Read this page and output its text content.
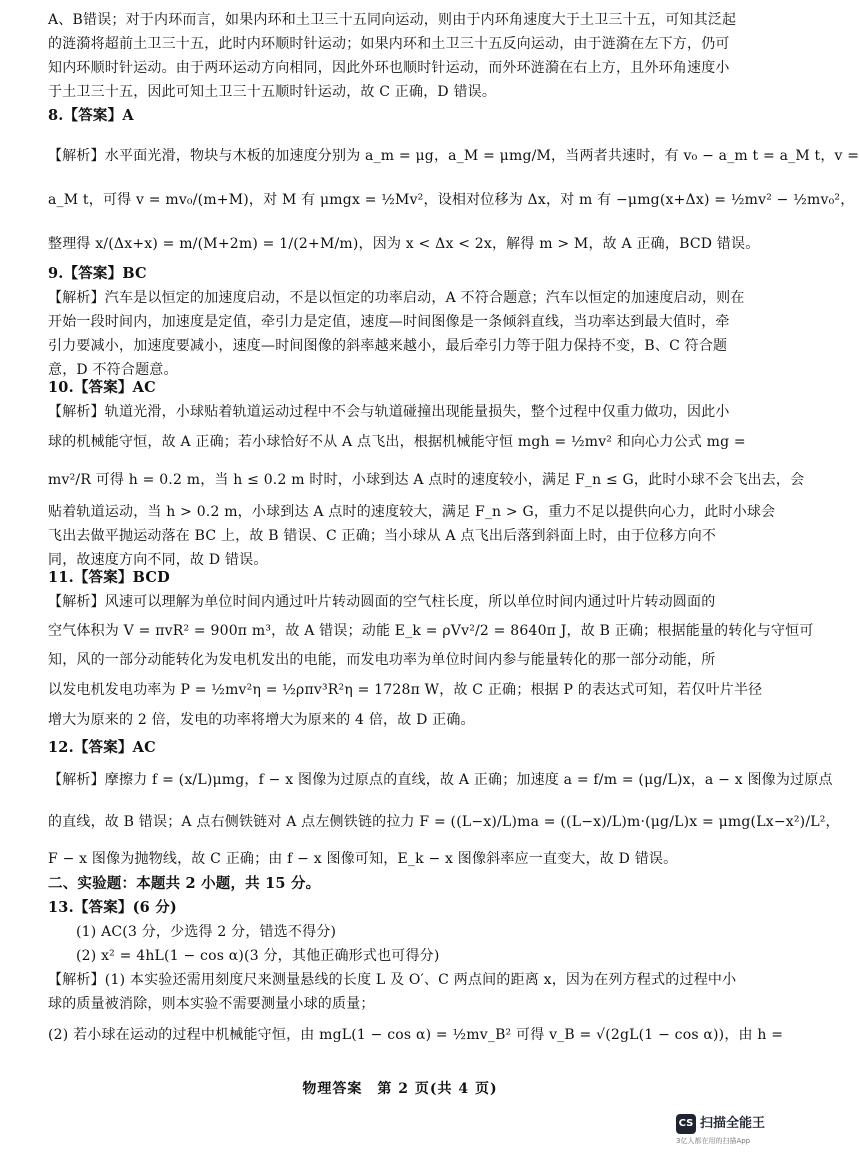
A、B错误；对于内环而言，如果内环和土卫三十五同向运动，则由于内环角速度大于土卫三十五，可知其泛起
的涟漪将超前土卫三十五，此时内环顺时针运动；如果内环和土卫三十五反向运动，由于涟漪在左下方，仍可
知内环顺时针运动。由于两环运动方向相同，因此外环也顺时针运动，而外环涟漪在右上方，且外环角速度小
于土卫三十五，因此可知土卫三十五顺时针运动，故 C 正确，D 错误。
8.【答案】A
【解析】水平面光滑，物块与木板的加速度分别为 a_m = μg，a_M = μmg/M，当两者共速时，有 v₀ − a_m t = a_M t，v =
a_M t，可得 v = mv₀/(m+M)，对 M 有 μmgx = ½Mv²，设相对位移为 Δx，对 m 有 −μmg(x+Δx) = ½mv² − ½mv₀²，
整理得 x/(Δx+x) = m/(M+2m) = 1/(2+M/m)，因为 x < Δx < 2x，解得 m > M，故 A 正确，BCD 错误。
9.【答案】BC
【解析】汽车是以恒定的加速度启动，不是以恒定的功率启动，A 不符合题意；汽车以恒定的加速度启动，则在
开始一段时间内，加速度是定值，牵引力是定值，速度—时间图像是一条倾斜直线，当功率达到最大值时，牵
引力要减小，加速度要减小，速度—时间图像的斜率越来越小，最后牵引力等于阻力保持不变，B、C 符合题
意，D 不符合题意。
10.【答案】AC
【解析】轨道光滑，小球贴着轨道运动过程中不会与轨道碰撞出现能量损失，整个过程中仅重力做功，因此小
球的机械能守恒，故 A 正确；若小球恰好不从 A 点飞出，根据机械能守恒 mgh = ½mv² 和向心力公式 mg =
mv²/R 可得 h = 0.2 m，当 h ≤ 0.2 m 时时，小球到达 A 点时的速度较小，满足 F_n ≤ G，此时小球不会飞出去，会
贴着轨道运动，当 h > 0.2 m，小球到达 A 点时的速度较大，满足 F_n > G，重力不足以提供向心力，此时小球会
飞出去做平抛运动落在 BC 上，故 B 错误、C 正确；当小球从 A 点飞出后落到斜面上时，由于位移方向不
同，故速度方向不同，故 D 错误。
11.【答案】BCD
【解析】风速可以理解为单位时间内通过叶片转动圆面的空气柱长度，所以单位时间内通过叶片转动圆面的
空气体积为 V = πvR² = 900π m³，故 A 错误；动能 E_k = ρVv²/2 = 8640π J，故 B 正确；根据能量的转化与守恒可
知，风的一部分动能转化为发电机发出的电能，而发电功率为单位时间内参与能量转化的那一部分动能，所
以发电机发电功率为 P = ½mv²η = ½ρπv³R²η = 1728π W，故 C 正确；根据 P 的表达式可知，若仅叶片半径
增大为原来的 2 倍，发电的功率将增大为原来的 4 倍，故 D 正确。
12.【答案】AC
【解析】摩擦力 f = (x/L)μmg，f − x 图像为过原点的直线，故 A 正确；加速度 a = f/m = (μg/L)x，a − x 图像为过原点
的直线，故 B 错误；A 点右侧铁链对 A 点左侧铁链的拉力 F = ((L−x)/L)ma = ((L−x)/L)m·(μg/L)x = μmg(Lx−x²)/L²，
F − x 图像为抛物线，故 C 正确；由 f − x 图像可知，E_k − x 图像斜率应一直变大，故 D 错误。
二、实验题：本题共 2 小题，共 15 分。
13.【答案】(6 分)
(1) AC(3 分，少选得 2 分，错选不得分)
(2) x² = 4hL(1 − cos α)(3 分，其他正确形式也可得分)
【解析】(1) 本实验还需用刻度尺来测量悬线的长度 L 及 O′、C 两点间的距离 x，因为在列方程式的过程中小
球的质量被消除，则本实验不需要测量小球的质量；
(2) 若小球在运动的过程中机械能守恒，由 mgL(1 − cos α) = ½mv_B² 可得 v_B = √(2gL(1 − cos α))，由 h =
物理答案　第 2 页(共 4 页)
CS 扫描全能王
3亿人都在用的扫描App
